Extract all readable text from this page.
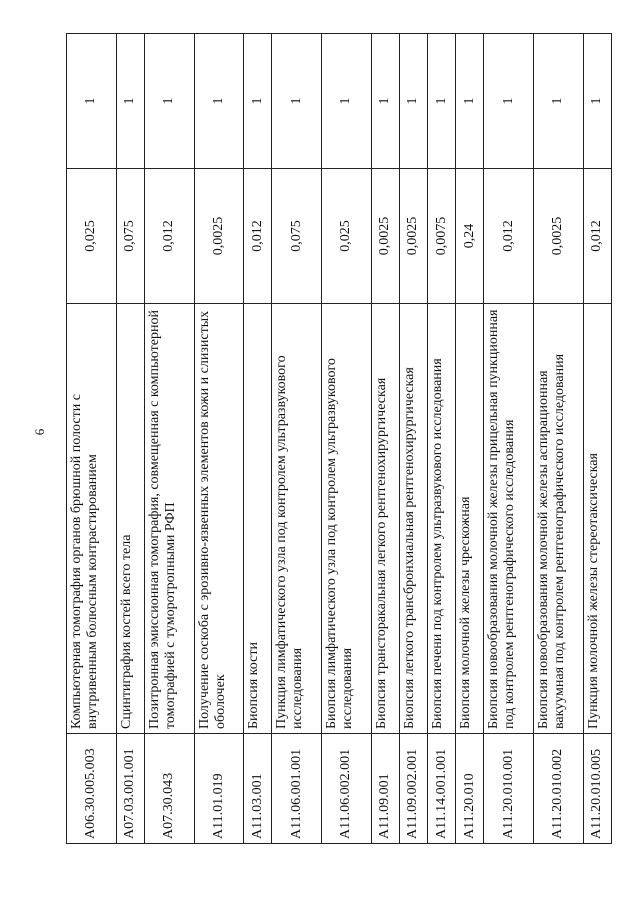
6
A06.30.005.003	Компьютерная томография органов брюшной полости с внутривенным болюсным контрастированием	0,025	1
A07.03.001.001	Сцинтиграфия костей всего тела	0,075	1
A07.30.043	Позитронная эмиссионная томография, совмещенная с компьютерной томографией с туморотропными РФП	0,012	1
A11.01.019	Получение соскоба с эрозивно-язвенных элементов кожи и слизистых оболочек	0,0025	1
A11.03.001	Биопсия кости	0,012	1
A11.06.001.001	Пункция лимфатического узла под контролем ультразвукового исследования	0,075	1
A11.06.002.001	Биопсия лимфатического узла под контролем ультразвукового исследования	0,025	1
A11.09.001	Биопсия трансторакальная легкого рентгенохирургическая	0,0025	1
A11.09.002.001	Биопсия легкого трансбронхиальная рентгенохирургическая	0,0025	1
A11.14.001.001	Биопсия печени под контролем ультразвукового исследования	0,0075	1
A11.20.010	Биопсия молочной железы чрескожная	0,24	1
A11.20.010.001	Биопсия новообразования молочной железы прицельная пункционная под контролем рентгенографического исследования	0,012	1
A11.20.010.002	Биопсия новообразования молочной железы аспирационная вакуумная под контролем рентгенографического исследования	0,0025	1
A11.20.010.005	Пункция молочной железы стереотаксическая	0,012	1
